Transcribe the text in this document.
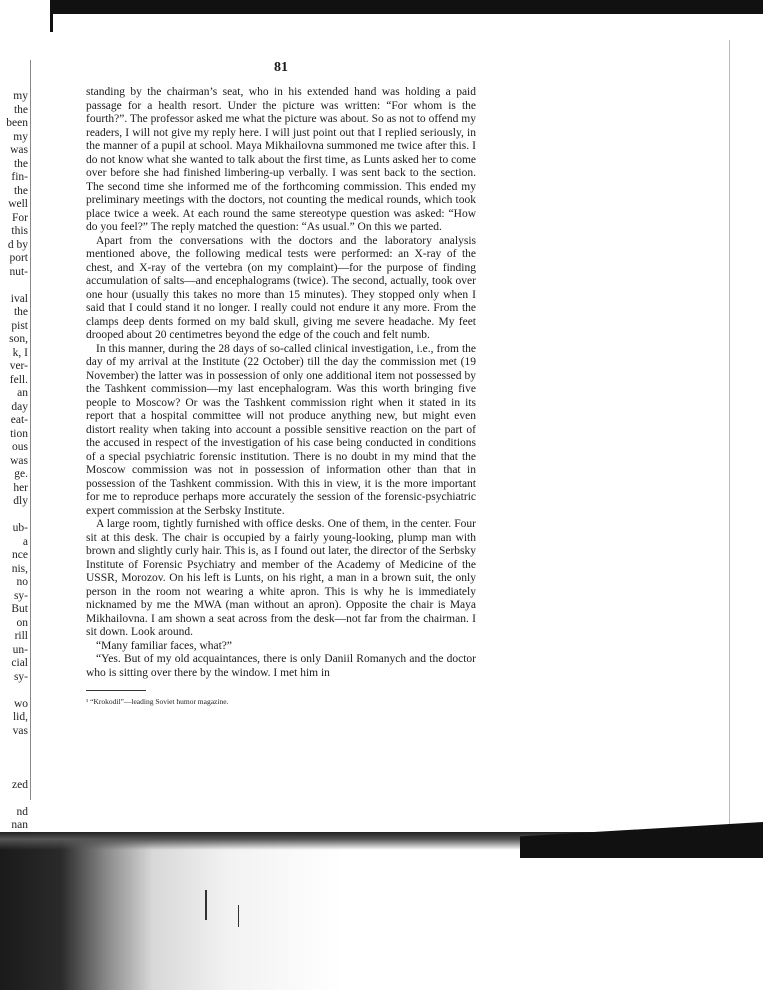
my
the
been
my
was
the
fin-
the
well
For
this
d by
port
nut-

ival
the
pist
son,
k, I
ver-
fell.
an
day
eat-
tion
ous
was
ge.
her
dly

ub-
a
nce
nis,
no
sy-
But
on
rill
un-
cial
sy-

wo
lid,
vas

zed

nd
nan
81

standing by the chairman’s seat, who in his extended hand was holding a paid passage for a health resort. Under the picture was written: “For whom is the fourth?”. The professor asked me what the picture was about. So as not to offend my readers, I will not give my reply here. I will just point out that I replied seriously, in the manner of a pupil at school. Maya Mikhailovna summoned me twice after this. I do not know what she wanted to talk about the first time, as Lunts asked her to come over before she had finished limbering-up verbally. I was sent back to the section. The second time she informed me of the forthcoming commission. This ended my preliminary meetings with the doctors, not counting the medical rounds, which took place twice a week. At each round the same stereotype question was asked: “How do you feel?” The reply matched the question: “As usual.” On this we parted.

Apart from the conversations with the doctors and the laboratory analysis mentioned above, the following medical tests were performed: an X-ray of the chest, and X-ray of the vertebra (on my complaint)—for the purpose of finding accumulation of salts—and encephalograms (twice). The second, actually, took over one hour (usually this takes no more than 15 minutes). They stopped only when I said that I could stand it no longer. I really could not endure it any more. From the clamps deep dents formed on my bald skull, giving me severe headache. My feet drooped about 20 centimetres beyond the edge of the couch and felt numb.

In this manner, during the 28 days of so-called clinical investigation, i.e., from the day of my arrival at the Institute (22 October) till the day the commission met (19 November) the latter was in possession of only one additional item not possessed by the Tashkent commission—my last encephalogram. Was this worth bringing five people to Moscow? Or was the Tashkent commission right when it stated in its report that a hospital committee will not produce anything new, but might even distort reality when taking into account a possible sensitive reaction on the part of the accused in respect of the investigation of his case being conducted in conditions of a special psychiatric forensic institution. There is no doubt in my mind that the Moscow commission was not in possession of information other than that in possession of the Tashkent commission. With this in view, it is the more important for me to reproduce perhaps more accurately the session of the forensic-psychiatric expert commission at the Serbsky Institute.

A large room, tightly furnished with office desks. One of them, in the center. Four sit at this desk. The chair is occupied by a fairly young-looking, plump man with brown and slightly curly hair. This is, as I found out later, the director of the Serbsky Institute of Forensic Psychiatry and member of the Academy of Medicine of the USSR, Morozov. On his left is Lunts, on his right, a man in a brown suit, the only person in the room not wearing a white apron. This is why he is immediately nicknamed by me the MWA (man without an apron). Opposite the chair is Maya Mikhailovna. I am shown a seat across from the desk—not far from the chairman. I sit down. Look around.

“Many familiar faces, what?”

“Yes. But of my old acquaintances, there is only Daniil Romanych and the doctor who is sitting over there by the window. I met him in

¹ “Krokodil”—leading Soviet humor magazine.
